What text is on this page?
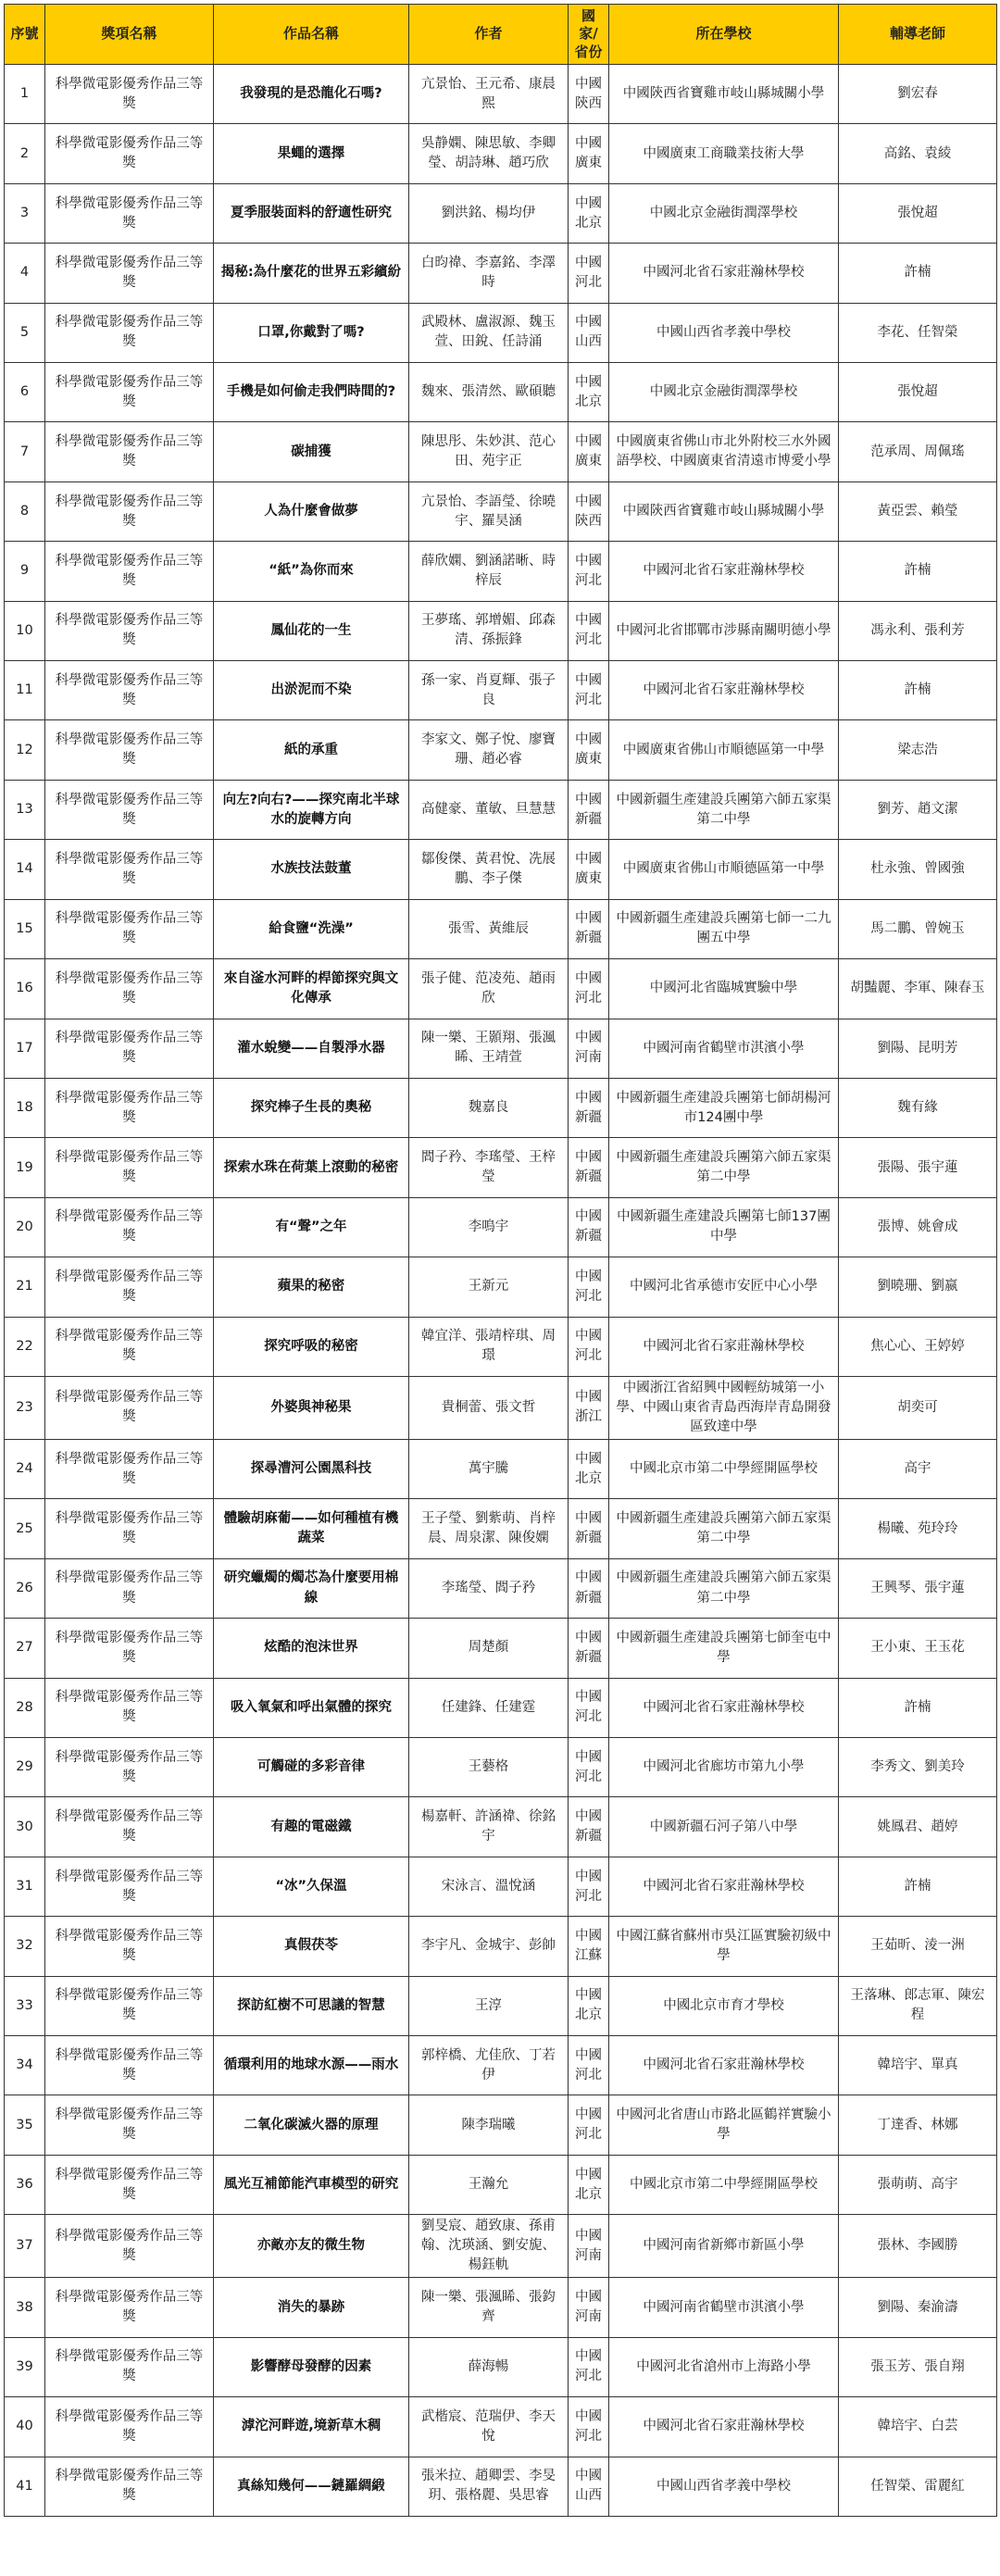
序號	獎項名稱	作品名稱	作者	國家/省份	所在學校	輔導老師
1	科學微電影優秀作品三等獎	我發現的是恐龍化石嗎?	亢景怡、王元希、康晨熙	中國陝西	中國陝西省寶雞市岐山縣城關小學	劉宏春
2	科學微電影優秀作品三等獎	果蠅的選擇	吳静嫻、陳思敏、李卿瑩、胡詩琳、趙巧欣	中國廣東	中國廣東工商職業技術大學	高銘、袁綾
3	科學微電影優秀作品三等獎	夏季服裝面料的舒適性研究	劉洪銘、楊均伊	中國北京	中國北京金融街潤澤學校	張悅超
4	科學微電影優秀作品三等獎	揭秘:為什麼花的世界五彩繽紛	白昀禕、李嘉銘、李澤時	中國河北	中國河北省石家莊瀚林學校	許楠
5	科學微電影優秀作品三等獎	口罩,你戴對了嗎?	武殿林、盧淑源、魏玉萱、田銳、任詩涌	中國山西	中國山西省孝義中學校	李花、任智榮
6	科學微電影優秀作品三等獎	手機是如何偷走我們時間的?	魏來、張清然、歐碩聽	中國北京	中國北京金融街潤澤學校	張悅超
7	科學微電影優秀作品三等獎	碳捕獲	陳思彤、朱妙淇、范心田、苑宇正	中國廣東	中國廣東省佛山市北外附校三水外國語學校、中國廣東省清遠市博愛小學	范承周、周佩瑤
8	科學微電影優秀作品三等獎	人為什麼會做夢	亢景怡、李語瑩、徐曉宇、羅昊涵	中國陝西	中國陝西省寶雞市岐山縣城關小學	黃亞雲、賴瑩
9	科學微電影優秀作品三等獎	“紙”為你而來	薛欣嫻、劉涵諾晰、時梓辰	中國河北	中國河北省石家莊瀚林學校	許楠
10	科學微電影優秀作品三等獎	鳳仙花的一生	王夢瑤、郭增媚、邱森清、孫振鋒	中國河北	中國河北省邯鄲市涉縣南關明德小學	馮永利、張利芳
11	科學微電影優秀作品三等獎	出淤泥而不染	孫一家、肖夏輝、張子良	中國河北	中國河北省石家莊瀚林學校	許楠
12	科學微電影優秀作品三等獎	紙的承重	李家文、鄭子悅、廖寶珊、趙必睿	中國廣東	中國廣東省佛山市順德區第一中學	梁志浩
13	科學微電影優秀作品三等獎	向左?向右?——探究南北半球水的旋轉方向	高健豪、董敏、旦慧慧	中國新疆	中國新疆生產建設兵團第六師五家渠第二中學	劉芳、趙文潔
14	科學微電影優秀作品三等獎	水族技法鼓董	鄒俊傑、黃君悅、冼展鵬、李子傑	中國廣東	中國廣東省佛山市順德區第一中學	杜永強、曾國強
15	科學微電影優秀作品三等獎	給食鹽“洗澡”	張雪、黃維辰	中國新疆	中國新疆生產建設兵團第七師一二九團五中學	馬二鵬、曾婉玉
16	科學微電影優秀作品三等獎	來自滏水河畔的桿節探究與文化傳承	張子健、范凌苑、趙雨欣	中國河北	中國河北省臨城實驗中學	胡豔麗、李軍、陳春玉
17	科學微電影優秀作品三等獎	灌水蛻變——自製淨水器	陳一樂、王顥翔、張渢睎、王靖萱	中國河南	中國河南省鶴壁市淇濱小學	劉陽、昆明芳
18	科學微電影優秀作品三等獎	探究棒子生長的奧秘	魏嘉良	中國新疆	中國新疆生產建設兵團第七師胡楊河市124團中學	魏有緣
19	科學微電影優秀作品三等獎	探索水珠在荷葉上滾動的秘密	閻子矜、李瑤瑩、王梓瑩	中國新疆	中國新疆生產建設兵團第六師五家渠第二中學	張陽、張宇蓮
20	科學微電影優秀作品三等獎	有“聲”之年	李鳴宇	中國新疆	中國新疆生產建設兵團第七師137團中學	張博、姚會成
21	科學微電影優秀作品三等獎	蘋果的秘密	王新元	中國河北	中國河北省承德市安匠中心小學	劉曉珊、劉嬴
22	科學微電影優秀作品三等獎	探究呼吸的秘密	韓宜洋、張靖梓琪、周璟	中國河北	中國河北省石家莊瀚林學校	焦心心、王婷婷
23	科學微電影優秀作品三等獎	外婆與神秘果	貴桐蕾、張文哲	中國浙江	中國浙江省紹興中國輕紡城第一小學、中國山東省青島西海岸青島開發區致達中學	胡奕可
24	科學微電影優秀作品三等獎	探尋漕河公園黑科技	萬宇騰	中國北京	中國北京市第二中學經開區學校	高宇
25	科學微電影優秀作品三等獎	體驗胡麻葡——如何種植有機蔬菜	王子瑩、劉紫萌、肖梓晨、周泉潔、陳俊嫻	中國新疆	中國新疆生產建設兵團第六師五家渠第二中學	楊曦、苑玲玲
26	科學微電影優秀作品三等獎	研究蠟燭的燭芯為什麼要用棉線	李瑤瑩、閻子矜	中國新疆	中國新疆生產建設兵團第六師五家渠第二中學	王興琴、張宇蓮
27	科學微電影優秀作品三等獎	炫酷的泡沫世界	周楚顏	中國新疆	中國新疆生產建設兵團第七師奎屯中學	王小東、王玉花
28	科學微電影優秀作品三等獎	吸入氧氣和呼出氣體的探究	任建鋒、任建霆	中國河北	中國河北省石家莊瀚林學校	許楠
29	科學微電影優秀作品三等獎	可觸碰的多彩音律	王藝格	中國河北	中國河北省廊坊市第九小學	李秀文、劉美玲
30	科學微電影優秀作品三等獎	有趣的電磁鐵	楊嘉軒、許涵禕、徐銘宇	中國新疆	中國新疆石河子第八中學	姚鳳君、趙婷
31	科學微電影優秀作品三等獎	“冰”久保溫	宋泳言、溫悅涵	中國河北	中國河北省石家莊瀚林學校	許楠
32	科學微電影優秀作品三等獎	真假茯苓	李宇凡、金城宇、彭帥	中國江蘇	中國江蘇省蘇州市吳江區實驗初級中學	王茹昕、淩一洲
33	科學微電影優秀作品三等獎	探訪紅樹不可思議的智慧	王淳	中國北京	中國北京市育才學校	王落琳、郎志軍、陳宏程
34	科學微電影優秀作品三等獎	循環利用的地球水源——雨水	郭梓橋、尤佳欣、丁若伊	中國河北	中國河北省石家莊瀚林學校	韓培宇、單真
35	科學微電影優秀作品三等獎	二氧化碳滅火器的原理	陳李瑞曦	中國河北	中國河北省唐山市路北區鶴祥實驗小學	丁達香、林娜
36	科學微電影優秀作品三等獎	風光互補節能汽車模型的研究	王瀚允	中國北京	中國北京市第二中學經開區學校	張萌萌、高宇
37	科學微電影優秀作品三等獎	亦敵亦友的微生物	劉旻宸、趙致康、孫甫翰、沈瑛涵、劉安旎、楊鈺軌	中國河南	中國河南省新鄉市新區小學	張林、李國勝
38	科學微電影優秀作品三等獎	消失的暴跡	陳一樂、張渢睎、張鈞齊	中國河南	中國河南省鶴壁市淇濱小學	劉陽、秦渝濤
39	科學微電影優秀作品三等獎	影響酵母發酵的因素	薛海暢	中國河北	中國河北省滄州市上海路小學	張玉芳、張自翔
40	科學微電影優秀作品三等獎	滹沱河畔遊,境新草木稠	武楷宸、范瑞伊、李天悅	中國河北	中國河北省石家莊瀚林學校	韓培宇、白芸
41	科學微電影優秀作品三等獎	真絲知幾何——鏈羅綢緞	張米拉、趙卿雲、李旻玥、張格麗、吳思睿	中國山西	中國山西省孝義中學校	任智榮、雷麗紅
